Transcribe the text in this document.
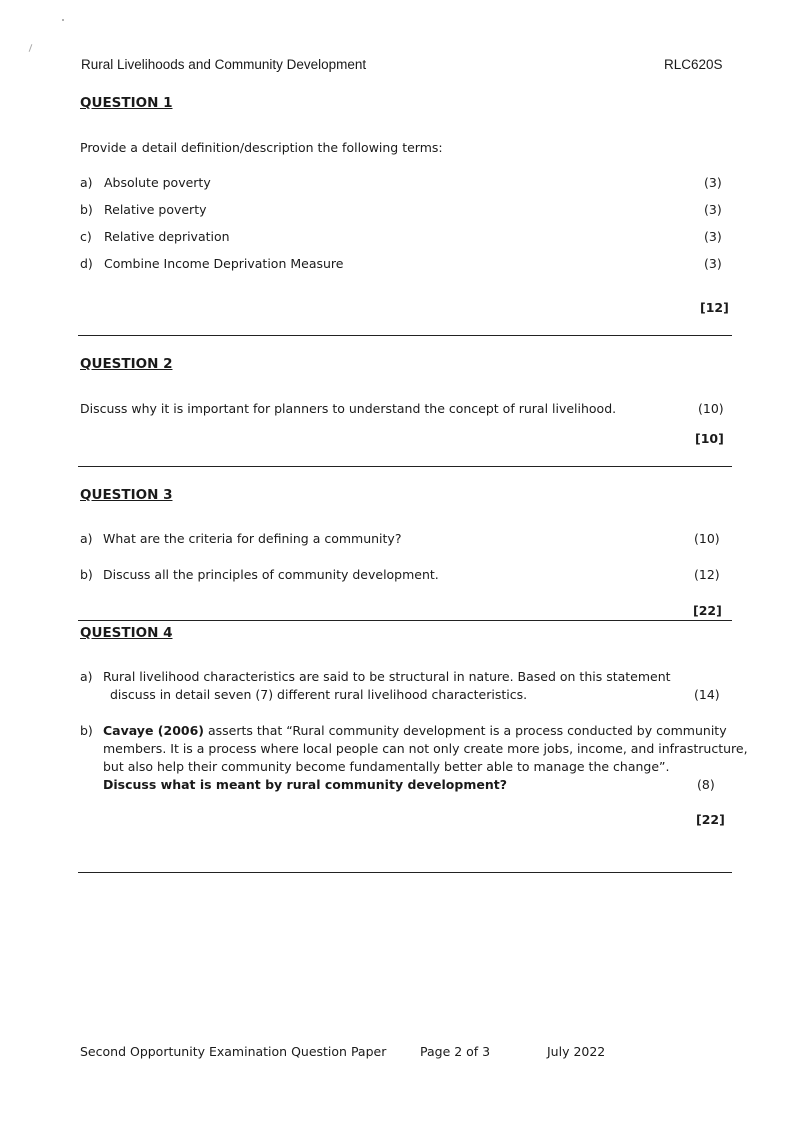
Rural Livelihoods and Community Development	RLC620S
QUESTION 1
Provide a detail definition/description the following terms:
a) Absolute poverty	(3)
b) Relative poverty	(3)
c) Relative deprivation	(3)
d) Combine Income Deprivation Measure	(3)
[12]
QUESTION 2
Discuss why it is important for planners to understand the concept of rural livelihood.	(10)
[10]
QUESTION 3
a) What are the criteria for defining a community?	(10)
b) Discuss all the principles of community development.	(12)
[22]
QUESTION 4
a) Rural livelihood characteristics are said to be structural in nature. Based on this statement
discuss in detail seven (7) different rural livelihood characteristics.	(14)
b) Cavaye (2006) asserts that “Rural community development is a process conducted by community
members. It is a process where local people can not only create more jobs, income, and infrastructure,
but also help their community become fundamentally better able to manage the change”.
Discuss what is meant by rural community development?	(8)
[22]
Second Opportunity Examination Question Paper	Page 2 of 3	July 2022
